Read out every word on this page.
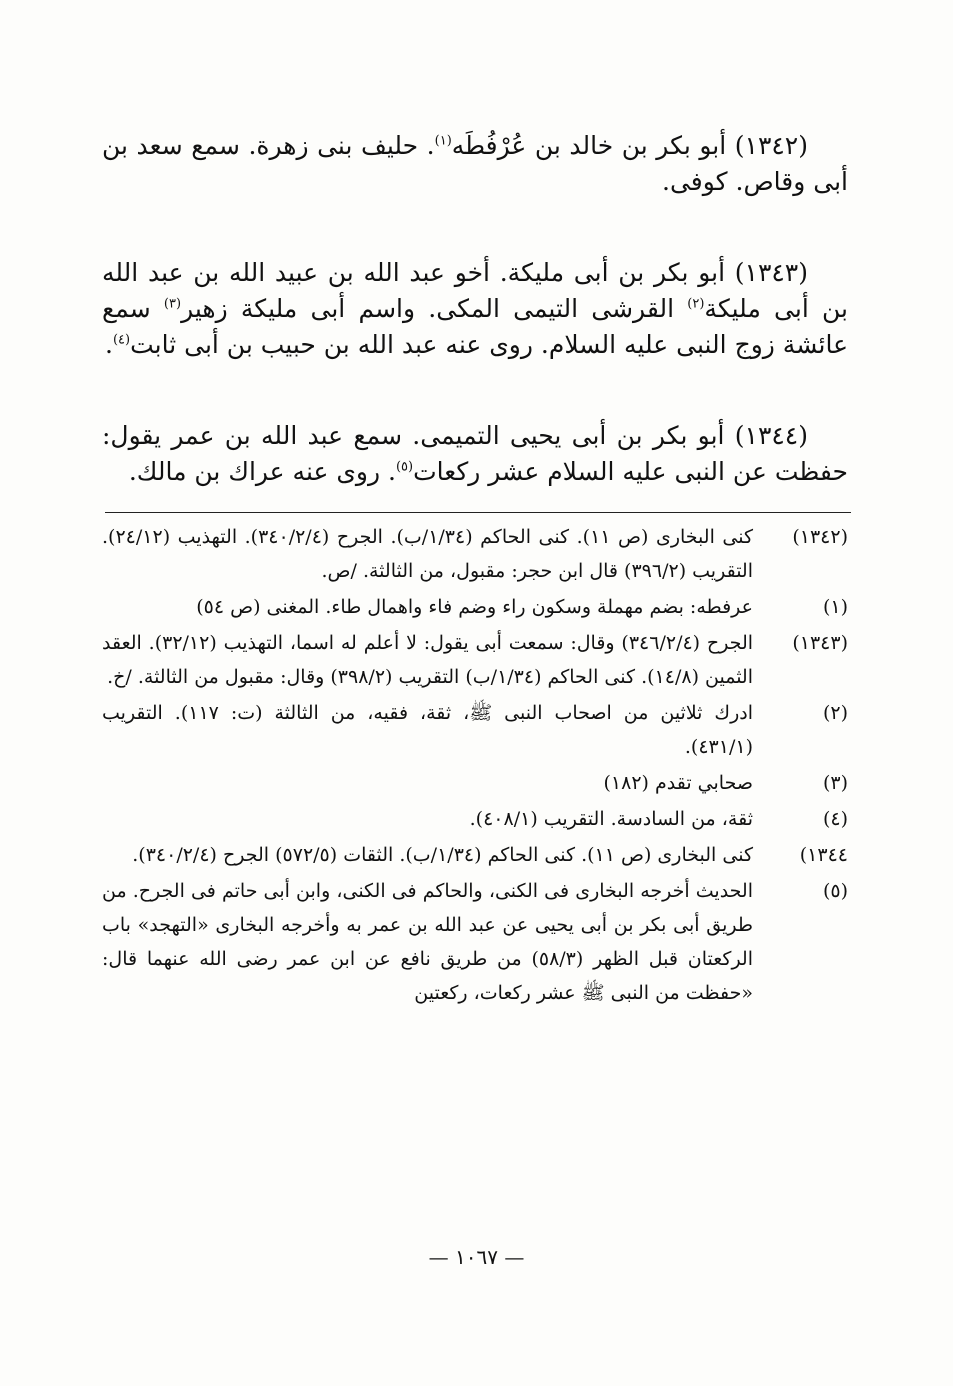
(١٣٤٢) أبو بكر بن خالد بن عُرْفُطَه$^{(١)}$. حليف بنى زهرة. سمع سعد بن أبى وقاص. كوفى.

(١٣٤٣) أبو بكر بن أبى مليكة. أخو عبد الله بن عبيد الله بن عبد الله بن أبى مليكة$^{(٢)}$ القرشى التيمى المكى. واسم أبى مليكة زهير$^{(٣)}$ سمع عائشة زوج النبى عليه السلام. روى عنه عبد الله بن حبيب بن أبى ثابت$^{(٤)}$.

(١٣٤٤) أبو بكر بن أبى يحيى التميمى. سمع عبد الله بن عمر يقول: حفظت عن النبى عليه السلام عشر ركعات$^{(٥)}$. روى عنه عراك بن مالك.

(١٣٤٢)
كنى البخارى (ص ١١). كنى الحاكم (١/٣٤/ب). الجرح (٣٤٠/٢/٤). التهذيب (٢٤/١٢). التقريب (٣٩٦/٢) قال ابن حجر: مقبول، من الثالثة. /ص.
(١)
عرفطه: بضم مهملة وسكون راء وضم فاء واهمال طاء. المغنى (ص ٥٤)
(١٣٤٣)
الجرح (٣٤٦/٢/٤) وقال: سمعت أبى يقول: لا أعلم له اسما، التهذيب (٣٢/١٢). العقد الثمين (١٤/٨). كنى الحاكم (١/٣٤/ب) التقريب (٣٩٨/٢) وقال: مقبول من الثالثة. /خ.
(٢)
ادرك ثلاثين من اصحاب النبى ﷺ، ثقة، فقيه، من الثالثة (ت: ١١٧). التقريب (٤٣١/١).
(٣)
صحابي تقدم (١٨٢)
(٤)
ثقة، من السادسة. التقريب (٤٠٨/١).
١٣٤٤)
كنى البخارى (ص ١١). كنى الحاكم (١/٣٤/ب). الثقات (٥٧٢/٥) الجرح (٣٤٠/٢/٤).
(٥)
الحديث أخرجه البخارى فى الكنى، والحاكم فى الكنى، وابن أبى حاتم فى الجرح. من طريق أبى بكر بن أبى يحيى عن عبد الله بن عمر به وأخرجه البخارى «التهجد» باب الركعتان قبل الظهر (٥٨/٣) من طريق نافع عن ابن عمر رضى الله عنهما قال: «حفظت من النبى ﷺ عشر ركعات، ركعتين
— ١٠٦٧ —
